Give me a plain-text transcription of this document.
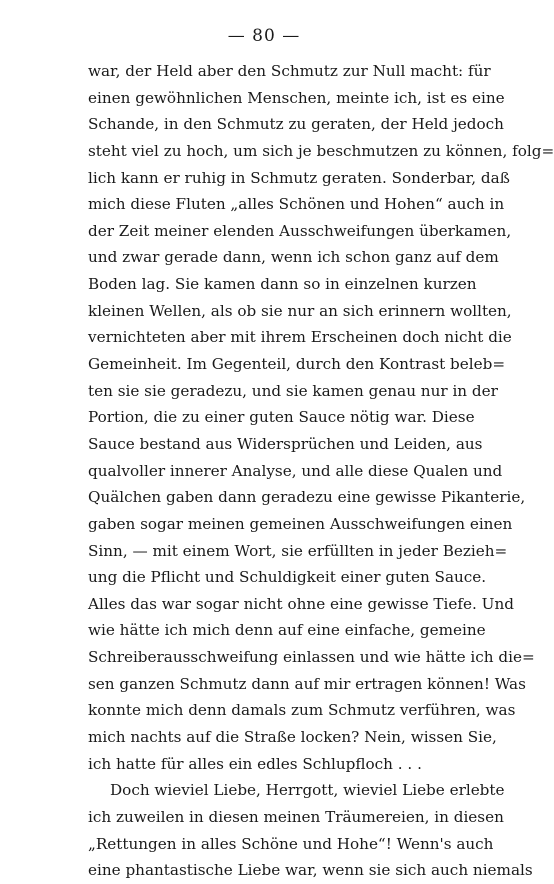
— 80 —
war, der Held aber den Schmutz zur Null macht: für
einen gewöhnlichen Menschen, meinte ich, ist es eine
Schande, in den Schmutz zu geraten, der Held jedoch
steht viel zu hoch, um sich je beschmutzen zu können, folg=
lich kann er ruhig in Schmutz geraten. Sonderbar, daß
mich diese Fluten „alles Schönen und Hohen“ auch in
der Zeit meiner elenden Ausschweifungen überkamen,
und zwar gerade dann, wenn ich schon ganz auf dem
Boden lag. Sie kamen dann so in einzelnen kurzen
kleinen Wellen, als ob sie nur an sich erinnern wollten,
vernichteten aber mit ihrem Erscheinen doch nicht die
Gemeinheit. Im Gegenteil, durch den Kontrast beleb=
ten sie sie geradezu, und sie kamen genau nur in der
Portion, die zu einer guten Sauce nötig war. Diese
Sauce bestand aus Widersprüchen und Leiden, aus
qualvoller innerer Analyse, und alle diese Qualen und
Quälchen gaben dann geradezu eine gewisse Pikanterie,
gaben sogar meinen gemeinen Ausschweifungen einen
Sinn, — mit einem Wort, sie erfüllten in jeder Bezieh=
ung die Pflicht und Schuldigkeit einer guten Sauce.
Alles das war sogar nicht ohne eine gewisse Tiefe. Und
wie hätte ich mich denn auf eine einfache, gemeine
Schreiberausschweifung einlassen und wie hätte ich die=
sen ganzen Schmutz dann auf mir ertragen können! Was
konnte mich denn damals zum Schmutz verführen, was
mich nachts auf die Straße locken? Nein, wissen Sie,
ich hatte für alles ein edles Schlupfloch . . .
Doch wieviel Liebe, Herrgott, wieviel Liebe erlebte
ich zuweilen in diesen meinen Träumereien, in diesen
„Rettungen in alles Schöne und Hohe“! Wenn's auch
eine phantastische Liebe war, wenn sie sich auch niemals
